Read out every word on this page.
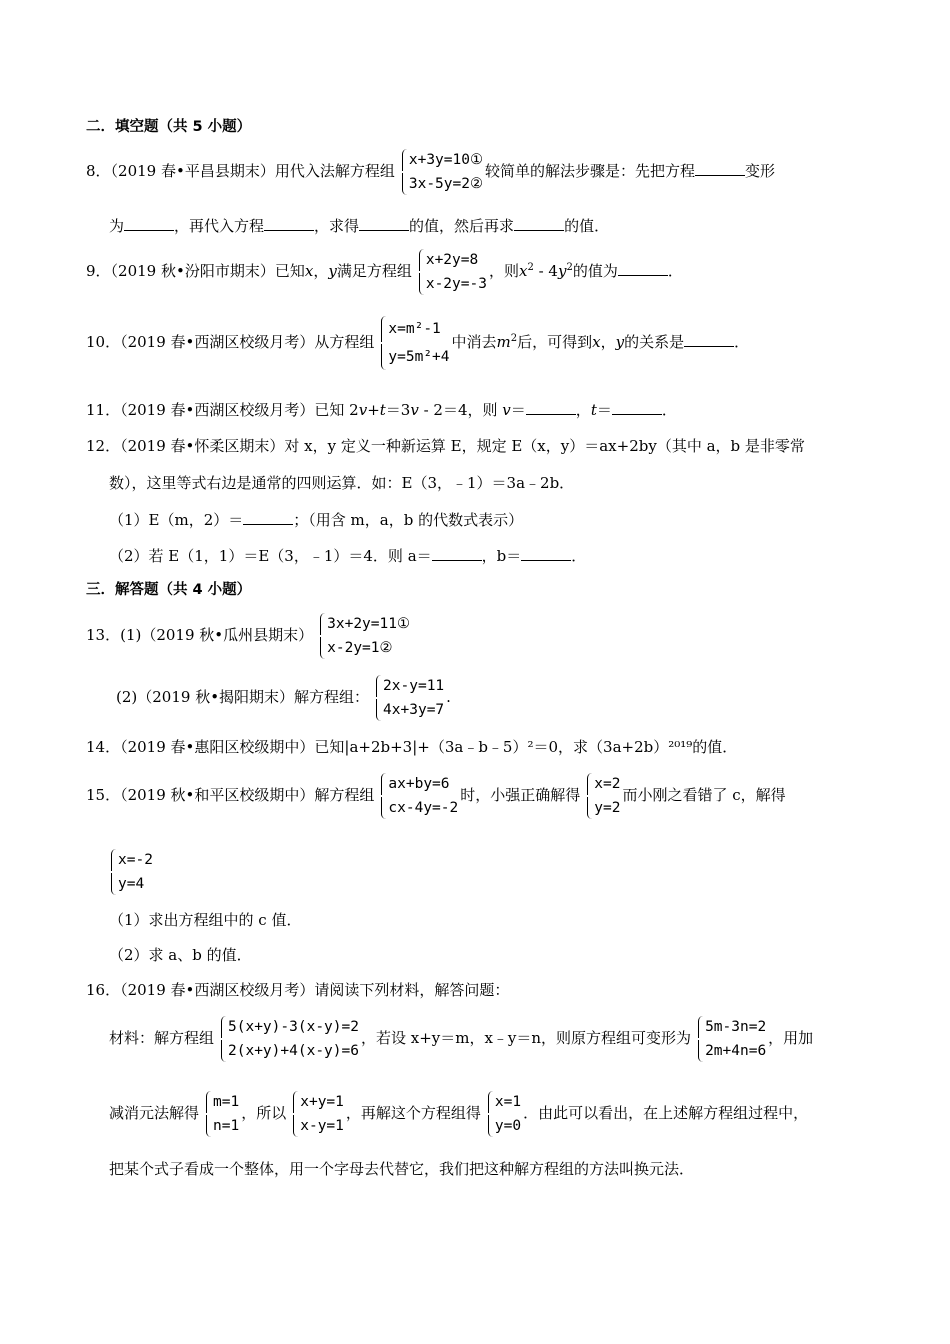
二．填空题（共 5 小题）
8．（2019 春•平昌县期末）用代入法解方程组
x+3y=10①
3x-5y=2②
较简单的解法步骤是：先把方程	变形
为	，再代入方程	，求得	的值，然后再求	的值．
9．（2019 秋•汾阳市期末）已知x，y满足方程组
x+2y=8
x-2y=-3
，则$x^2 - 4y^2$的值为	．
10．（2019 春•西湖区校级月考）从方程组
x=m²-1
y=5m²+4
中消去$m^2$后，可得到x，y的关系是	．
11．（2019 春•西湖区校级月考）已知 2v+t＝3v - 2＝4，则 v＝	，t＝	．
12．（2019 春•怀柔区期末）对 x，y 定义一种新运算 E，规定 E（x，y）＝ax+2by（其中 a，b 是非零常
数），这里等式右边是通常的四则运算．如：E（3，﹣1）＝3a﹣2b．
（1）E（m，2）＝	；（用含 m，a，b 的代数式表示）
（2）若 E（1，1）＝E（3，﹣1）＝4．则 a＝	，b＝	．
三．解答题（共 4 小题）
13．(1)（2019 秋•瓜州县期末）
3x+2y=11①
x-2y=1②
(2)（2019 秋•揭阳期末）解方程组：
2x-y=11
4x+3y=7
.
14．（2019 春•惠阳区校级期中）已知|a+2b+3|+（3a﹣b﹣5）²＝0，求（3a+2b）²⁰¹⁹的值．
15．（2019 秋•和平区校级期中）解方程组
ax+by=6
cx-4y=-2
时，小强正确解得
x=2
y=2
而小刚之看错了 c，解得
x=-2
y=4
（1）求出方程组中的 c 值．
（2）求 a、b 的值．
16．（2019 春•西湖区校级月考）请阅读下列材料，解答问题：
材料：解方程组
5(x+y)-3(x-y)=2
2(x+y)+4(x-y)=6
，若设 x+y＝m，x﹣y＝n，则原方程组可变形为
5m-3n=2
2m+4n=6
，用加
减消元法解得
m=1
n=1
，所以
x+y=1
x-y=1
，再解这个方程组得
x=1
y=0
．由此可以看出，在上述解方程组过程中，
把某个式子看成一个整体，用一个字母去代替它，我们把这种解方程组的方法叫换元法．
